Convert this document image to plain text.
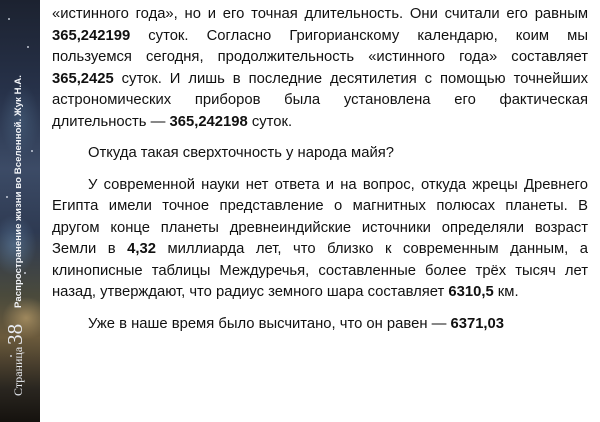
Распространение жизни во Вселенной. Жук Н.А.
Страница38

«истинного года», но и его точная длительность. Они считали его равным 365,242199 суток. Согласно Григорианскому календарю, коим мы пользуемся сегодня, продолжительность «истинного года» составляет 365,2425 суток. И лишь в последние десятилетия с помощью точнейших астрономических приборов была установлена его фактическая длительность — 365,242198 суток.

Откуда такая сверхточность у народа майя?

У современной науки нет ответа и на вопрос, откуда жрецы Древнего Египта имели точное представление о магнитных полюсах планеты. В другом конце планеты древнеиндийские источники определяли возраст Земли в 4,32 миллиарда лет, что близко к современным данным, а клинописные таблицы Междуречья, составленные более трёх тысяч лет назад, утверждают, что радиус земного шара составляет 6310,5 км.

Уже в наше время было высчитано, что он равен — 6371,03
